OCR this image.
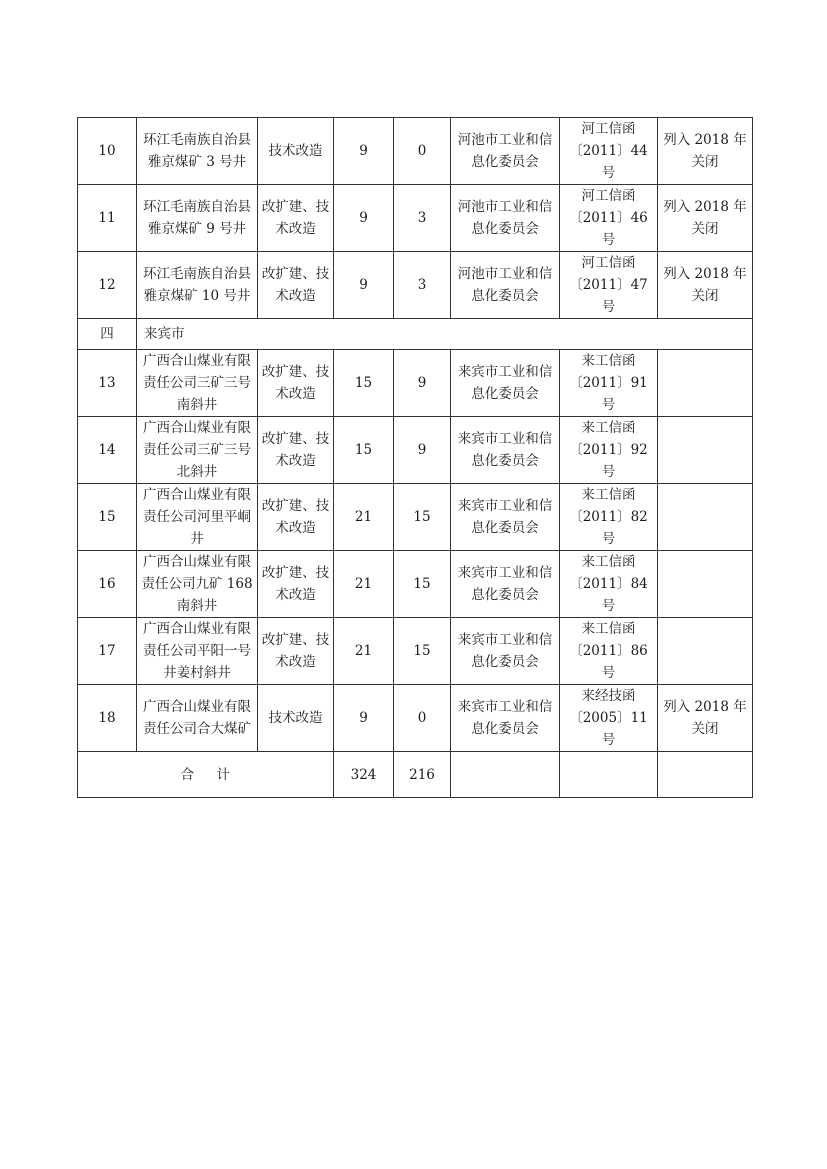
10	环江毛南族自治县雅京煤矿 3 号井	技术改造	9	0	河池市工业和信息化委员会	河工信函〔2011〕44号	列入 2018 年关闭
11	环江毛南族自治县雅京煤矿 9 号井	改扩建、技术改造	9	3	河池市工业和信息化委员会	河工信函〔2011〕46号	列入 2018 年关闭
12	环江毛南族自治县雅京煤矿 10 号井	改扩建、技术改造	9	3	河池市工业和信息化委员会	河工信函〔2011〕47号	列入 2018 年关闭
四	来宾市						
13	广西合山煤业有限责任公司三矿三号南斜井	改扩建、技术改造	15	9	来宾市工业和信息化委员会	来工信函〔2011〕91号	
14	广西合山煤业有限责任公司三矿三号北斜井	改扩建、技术改造	15	9	来宾市工业和信息化委员会	来工信函〔2011〕92号	
15	广西合山煤业有限责任公司河里平峒井	改扩建、技术改造	21	15	来宾市工业和信息化委员会	来工信函〔2011〕82号	
16	广西合山煤业有限责任公司九矿 168 南斜井	改扩建、技术改造	21	15	来宾市工业和信息化委员会	来工信函〔2011〕84号	
17	广西合山煤业有限责任公司平阳一号井姜村斜井	改扩建、技术改造	21	15	来宾市工业和信息化委员会	来工信函〔2011〕86号	
18	广西合山煤业有限责任公司合大煤矿	技术改造	9	0	来宾市工业和信息化委员会	来经技函〔2005〕11号	列入 2018 年关闭
合 计			324	216			
